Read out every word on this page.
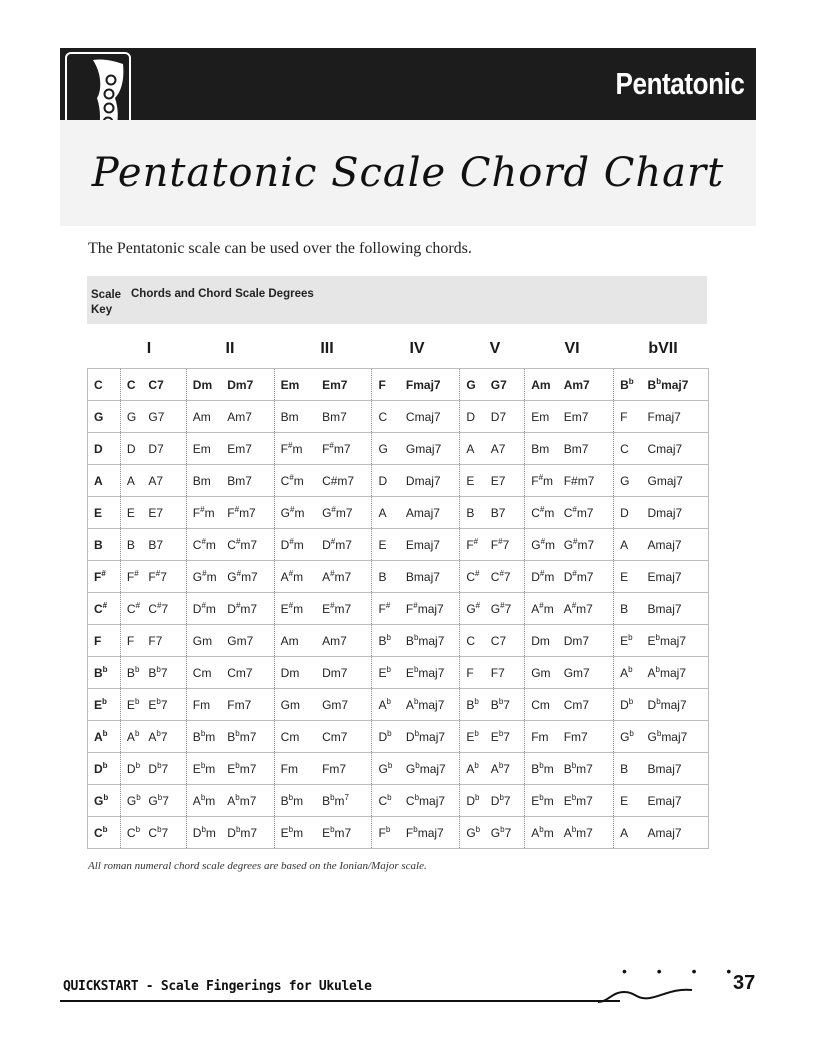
Pentatonic
Pentatonic Scale Chord Chart

The Pentatonic scale can be used over the following chords.

Scale Key
Chords and Chord Scale Degrees
I	II	III	IV	V	VI	bVII
C	C	C7	Dm	Dm7	Em	Em7	F	Fmaj7	G	G7	Am	Am7	$B^b$	$B^bmaj7$
G	G	G7	Am	Am7	Bm	Bm7	C	Cmaj7	D	D7	Em	Em7	F	Fmaj7
D	D	D7	Em	Em7	F#m	F#m7	G	Gmaj7	A	A7	Bm	Bm7	C	Cmaj7
A	A	A7	Bm	Bm7	C#m	C#m7	D	Dmaj7	E	E7	F#m	F#m7	G	Gmaj7
E	E	E7	F#m	F#m7	G#m	G#m7	A	Amaj7	B	B7	C#m	C#m7	D	Dmaj7
B	B	B7	C#m	C#m7	D#m	D#m7	E	Emaj7	F#	F#7	G#m	G#m7	A	Amaj7
F#	F#	F#7	G#m	G#m7	A#m	A#m7	B	Bmaj7	C#	C#7	D#m	D#m7	E	Emaj7
C#	C#	C#7	D#m	D#m7	E#m	E#m7	F#	F#maj7	G#	G#7	A#m	A#m7	B	Bmaj7
F	F	F7	Gm	Gm7	Am	Am7	$B^b$	$B^bmaj7$	C	C7	Dm	Dm7	$E^b$	$E^bmaj7$
$B^b$	$B^b$	$B^b7$	Cm	Cm7	Dm	Dm7	$E^b$	$E^bmaj7$	F	F7	Gm	Gm7	$A^b$	$A^bmaj7$
$E^b$	$E^b$	$E^b7$	Fm	Fm7	Gm	Gm7	$A^b$	$A^bmaj7$	$B^b$	$B^b7$	Cm	Cm7	$D^b$	$D^bmaj7$
$A^b$	$A^b$	$A^b7$	$B^bm$	$B^bm7$	Cm	Cm7	$D^b$	$D^bmaj7$	$E^b$	$E^b7$	Fm	Fm7	$G^b$	$G^bmaj7$
$D^b$	$D^b$	$D^b7$	$E^bm$	$E^bm7$	Fm	Fm7	$G^b$	$G^bmaj7$	$A^b$	$A^b7$	$B^bm$	$B^bm7$	B	Bmaj7
$G^b$	$G^b$	$G^b7$	$A^bm$	$A^bm7$	$B^bm$	$B^bm^7$	$C^b$	$C^bmaj7$	$D^b$	$D^b7$	$E^bm$	$E^bm7$	E	Emaj7
$C^b$	$C^b$	$C^b7$	$D^bm$	$D^bm7$	$E^bm$	$E^bm7$	$F^b$	$F^bmaj7$	$G^b$	$G^b7$	$A^bm$	$A^bm7$	A	Amaj7

All roman numeral chord scale degrees are based on the Ionian/Major scale.

QUICKSTART - Scale Fingerings for Ukulele
• • • •
37
